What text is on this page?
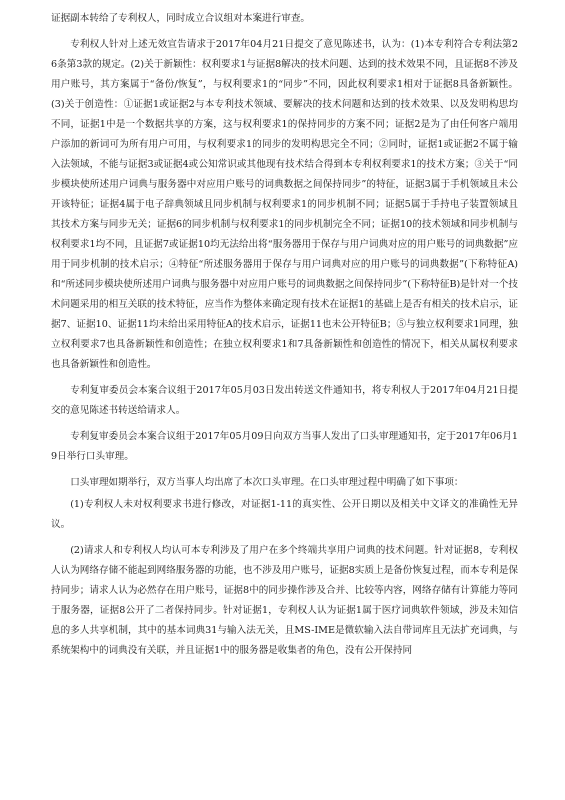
证据副本转给了专利权人，同时成立合议组对本案进行审查。

专利权人针对上述无效宣告请求于2017年04月21日提交了意见陈述书，认为：(1)本专利符合专利法第26条第3款的规定。(2)关于新颖性：权利要求1与证据8解决的技术问题、达到的技术效果不同，且证据8不涉及用户账号，其方案属于“备份/恢复”，与权利要求1的“同步”不同，因此权利要求1相对于证据8具备新颖性。(3)关于创造性：①证据1或证据2与本专利技术领域、要解决的技术问题和达到的技术效果、以及发明构思均不同，证据1中是一个数据共享的方案，这与权利要求1的保持同步的方案不同；证据2是为了由任何客户端用户添加的新词可为所有用户可用，与权利要求1的同步的发明构思完全不同；②同时，证据1或证据2不属于输入法领域，不能与证据3或证据4或公知常识或其他现有技术结合得到本专利权利要求1的技术方案；③关于“同步模块使所述用户词典与服务器中对应用户账号的词典数据之间保持同步”的特征，证据3属于手机领域且未公开该特征；证据4属于电子辞典领域且同步机制与权利要求1的同步机制不同；证据5属于手持电子装置领域且其技术方案与同步无关；证据6的同步机制与权利要求1的同步机制完全不同；证据10的技术领域和同步机制与权利要求1均不同，且证据7或证据10均无法给出将“服务器用于保存与用户词典对应的用户账号的词典数据”应用于同步机制的技术启示；④特征“所述服务器用于保存与用户词典对应的用户账号的词典数据”(下称特征A)和“所述同步模块使所述用户词典与服务器中对应用户账号的词典数据之间保持同步”(下称特征B)是针对一个技术问题采用的相互关联的技术特征，应当作为整体来确定现有技术在证据1的基础上是否有相关的技术启示，证据7、证据10、证据11均未给出采用特征A的技术启示，证据11也未公开特征B；⑤与独立权利要求1同理，独立权利要求7也具备新颖性和创造性；在独立权利要求1和7具备新颖性和创造性的情况下，相关从属权利要求也具备新颖性和创造性。

专利复审委员会本案合议组于2017年05月03日发出转送文件通知书，将专利权人于2017年04月21日提交的意见陈述书转送给请求人。

专利复审委员会本案合议组于2017年05月09日向双方当事人发出了口头审理通知书，定于2017年06月19日举行口头审理。

口头审理如期举行，双方当事人均出席了本次口头审理。在口头审理过程中明确了如下事项：

(1)专利权人未对权利要求书进行修改，对证据1-11的真实性、公开日期以及相关中文译文的准确性无异议。

(2)请求人和专利权人均认可本专利涉及了用户在多个终端共享用户词典的技术问题。针对证据8，专利权人认为网络存储不能起到网络服务器的功能，也不涉及用户账号，证据8实质上是备份恢复过程，而本专利是保持同步；请求人认为必然存在用户账号，证据8中的同步操作涉及合并、比较等内容，网络存储有计算能力等同于服务器，证据8公开了二者保持同步。针对证据1，专利权人认为证据1属于医疗词典软件领域，涉及未知信息的多人共享机制，其中的基本词典31与输入法无关，且MS-IME是微软输入法自带词库且无法扩充词典，与系统架构中的词典没有关联，并且证据1中的服务器是收集者的角色，没有公开保持同
